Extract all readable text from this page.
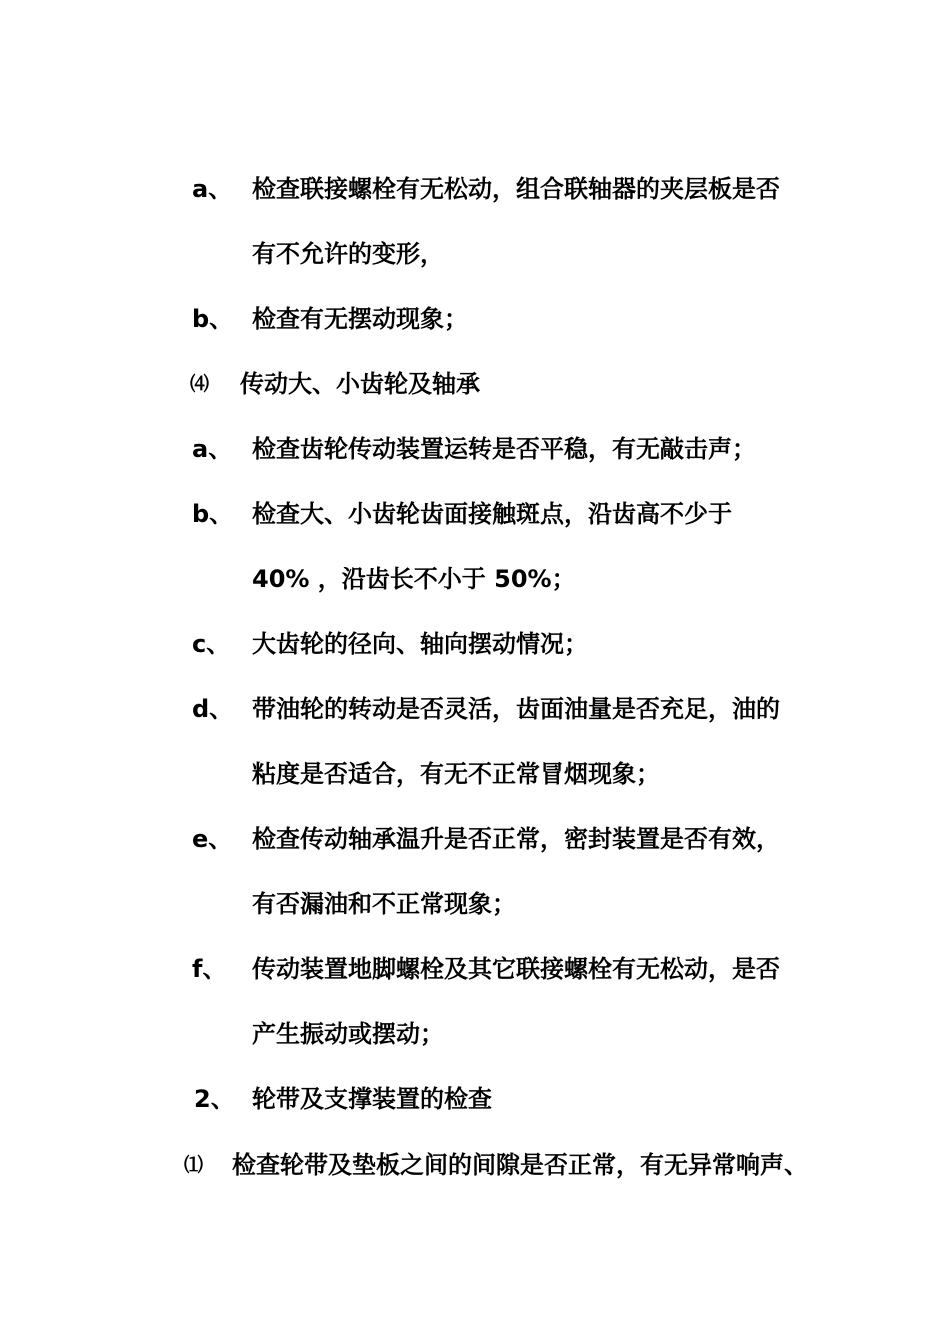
a、 检查联接螺栓有无松动，组合联轴器的夹层板是否
有不允许的变形，
b、 检查有无摆动现象；
⑷ 传动大、小齿轮及轴承
a、 检查齿轮传动装置运转是否平稳，有无敲击声；
b、 检查大、小齿轮齿面接触斑点，沿齿高不少于
40% ，沿齿长不小于 50%；
c、 大齿轮的径向、轴向摆动情况；
d、 带油轮的转动是否灵活，齿面油量是否充足，油的
粘度是否适合，有无不正常冒烟现象；
e、 检查传动轴承温升是否正常，密封装置是否有效，
有否漏油和不正常现象；
f、 传动装置地脚螺栓及其它联接螺栓有无松动，是否
产生振动或摆动；
2、 轮带及支撑装置的检查
⑴ 检查轮带及垫板之间的间隙是否正常，有无异常响声、
